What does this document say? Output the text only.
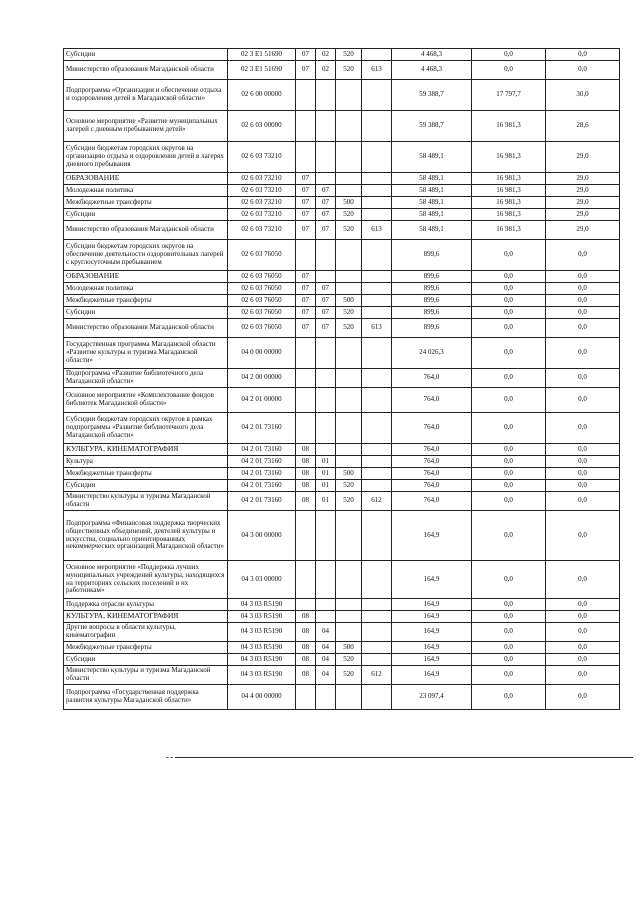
Субсидии	02 3 E1 51690	07	02	520		4 468,3	0,0	0,0
Министерство образования Магаданской области	02 3 E1 51690	07	02	520	613	4 468,3	0,0	0,0
Подпрограмма «Организация и обеспечение отдыха и оздоровления детей в Магаданской области»	02 6 00 00000					59 388,7	17 797,7	30,0
Основное мероприятие «Развитие муниципальных лагерей с дневным пребыванием детей»	02 6 03 00000					59 388,7	16 981,3	28,6
Субсидии бюджетам городских округов на организацию отдыха и оздоровления детей в лагерях дневного пребывания	02 6 03 73210					58 489,1	16 981,3	29,0
ОБРАЗОВАНИЕ	02 6 03 73210	07				58 489,1	16 981,3	29,0
Молодежная политика	02 6 03 73210	07	07			58 489,1	16 981,3	29,0
Межбюджетные трансферты	02 6 03 73210	07	07	500		58 489,1	16 981,3	29,0
Субсидии	02 6 03 73210	07	07	520		58 489,1	16 981,3	29,0
Министерство образования Магаданской области	02 6 03 73210	07	07	520	613	58 489,1	16 981,3	29,0
Субсидии бюджетам городских округов на обеспечение деятельности оздоровительных лагерей с круглосуточным пребыванием	02 6 03 76050					899,6	0,0	0,0
ОБРАЗОВАНИЕ	02 6 03 76050	07				899,6	0,0	0,0
Молодежная политика	02 6 03 76050	07	07			899,6	0,0	0,0
Межбюджетные трансферты	02 6 03 76050	07	07	500		899,6	0,0	0,0
Субсидии	02 6 03 76050	07	07	520		899,6	0,0	0,0
Министерство образования Магаданской области	02 6 03 76050	07	07	520	613	899,6	0,0	0,0
Государственная программа Магаданской области «Развитие культуры и туризма Магаданской области»	04 0 00 00000					24 026,3	0,0	0,0
Подпрограмма «Развитие библиотечного дела Магаданской области»	04 2 00 00000					764,0	0,0	0,0
Основное мероприятие «Комплектование фондов библиотек Магаданской области»	04 2 01 00000					764,0	0,0	0,0
Субсидии бюджетам городских округов в рамках подпрограммы «Развитие библиотечного дела Магаданской области»	04 2 01 73160					764,0	0,0	0,0
КУЛЬТУРА, КИНЕМАТОГРАФИЯ	04 2 01 73160	08				764,0	0,0	0,0
Культура	04 2 01 73160	08	01			764,0	0,0	0,0
Межбюджетные трансферты	04 2 01 73160	08	01	500		764,0	0,0	0,0
Субсидии	04 2 01 73160	08	01	520		764,0	0,0	0,0
Министерство культуры и туризма Магаданской области	04 2 01 73160	08	01	520	612	764,0	0,0	0,0
Подпрограмма «Финансовая поддержка творческих общественных объединений, деятелей культуры и искусства, социально ориентированных некоммерческих организаций Магаданской области»	04 3 00 00000					164,9	0,0	0,0
Основное мероприятие «Поддержка лучших муниципальных учреждений культуры, находящихся на территориях сельских поселений и их работникам»	04 3 03 00000					164,9	0,0	0,0
Поддержка отрасли культуры	04 3 03 R5190					164,9	0,0	0,0
КУЛЬТУРА, КИНЕМАТОГРАФИЯ	04 3 03 R5190	08				164,9	0,0	0,0
Другие вопросы в области культуры, кинематографии	04 3 03 R5190	08	04			164,9	0,0	0,0
Межбюджетные трансферты	04 3 03 R5190	08	04	500		164,9	0,0	0,0
Субсидии	04 3 03 R5190	08	04	520		164,9	0,0	0,0
Министерство культуры и туризма Магаданской области	04 3 03 R5190	08	04	520	612	164,9	0,0	0,0
Подпрограмма «Государственная поддержка развития культуры Магаданской области»	04 4 00 00000					23 097,4	0,0	0,0
